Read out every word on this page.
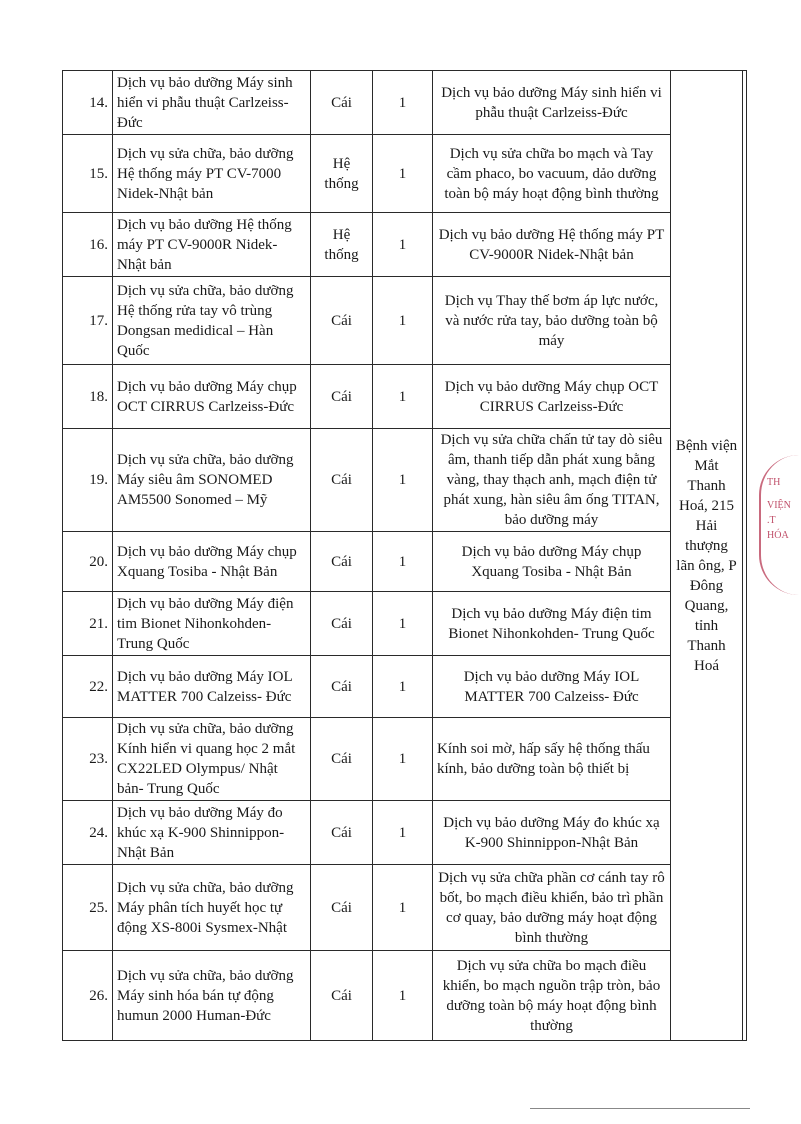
14.	Dịch vụ bảo dưỡng Máy sinh hiển vi phẫu thuật Carlzeiss-Đức	Cái	1	Dịch vụ bảo dưỡng Máy sinh hiển vi phẫu thuật Carlzeiss-Đức	Bệnh viện Mắt Thanh Hoá, 215 Hải thượng lãn ông, P Đông Quang, tỉnh Thanh Hoá	
15.	Dịch vụ sửa chữa, bảo dưỡng Hệ thống máy PT CV-7000 Nidek-Nhật bản	Hệ thống	1	Dịch vụ sửa chữa bo mạch và Tay cầm phaco, bo vacuum, dảo dưỡng toàn bộ máy hoạt động bình thường		
16.	Dịch vụ bảo dưỡng Hệ thống máy PT CV-9000R Nidek-Nhật bản	Hệ thống	1	Dịch vụ bảo dưỡng Hệ thống máy PT CV-9000R Nidek-Nhật bản		
17.	Dịch vụ sửa chữa, bảo dưỡng Hệ thống rửa tay vô trùng Dongsan medidical – Hàn Quốc	Cái	1	Dịch vụ Thay thế bơm áp lực nước, và nước rửa tay, bảo dưỡng toàn bộ máy		
18.	Dịch vụ bảo dưỡng Máy chụp OCT CIRRUS Carlzeiss-Đức	Cái	1	Dịch vụ bảo dưỡng Máy chụp OCT CIRRUS Carlzeiss-Đức		
19.	Dịch vụ sửa chữa, bảo dưỡng Máy siêu âm SONOMED AM5500 Sonomed – Mỹ	Cái	1	Dịch vụ sửa chữa chấn tử tay dò siêu âm, thanh tiếp dẫn phát xung bằng vàng, thay thạch anh, mạch điện tử phát xung, hàn siêu âm ống TITAN, bảo dưỡng máy		
20.	Dịch vụ bảo dưỡng Máy chụp Xquang Tosiba - Nhật Bản	Cái	1	Dịch vụ bảo dưỡng Máy chụp Xquang Tosiba - Nhật Bản		
21.	Dịch vụ bảo dưỡng Máy điện tim Bionet Nihonkohden- Trung Quốc	Cái	1	Dịch vụ bảo dưỡng Máy điện tim Bionet Nihonkohden- Trung Quốc		
22.	Dịch vụ bảo dưỡng Máy IOL MATTER 700 Calzeiss- Đức	Cái	1	Dịch vụ bảo dưỡng Máy IOL MATTER 700 Calzeiss- Đức		
23.	Dịch vụ sửa chữa, bảo dưỡng Kính hiển vi quang học 2 mắt CX22LED Olympus/ Nhật bản- Trung Quốc	Cái	1	Kính soi mờ, hấp sấy hệ thống thấu kính, bảo dưỡng toàn bộ thiết bị		
24.	Dịch vụ bảo dưỡng Máy đo khúc xạ K-900 Shinnippon-Nhật Bản	Cái	1	Dịch vụ bảo dưỡng Máy đo khúc xạ K-900 Shinnippon-Nhật Bản		
25.	Dịch vụ sửa chữa, bảo dưỡng Máy phân tích huyết học tự động XS-800i Sysmex-Nhật	Cái	1	Dịch vụ sửa chữa phần cơ cánh tay rô bốt, bo mạch điều khiển, bảo trì phần cơ quay, bảo dưỡng máy hoạt động bình thường		
26.	Dịch vụ sửa chữa, bảo dưỡng Máy sinh hóa bán tự động humun 2000 Human-Đức	Cái	1	Dịch vụ sửa chữa bo mạch điều khiển, bo mạch nguồn trập tròn, bảo dưỡng toàn bộ máy hoạt động bình thường		
TH
VIỆN
.T
HÓA
